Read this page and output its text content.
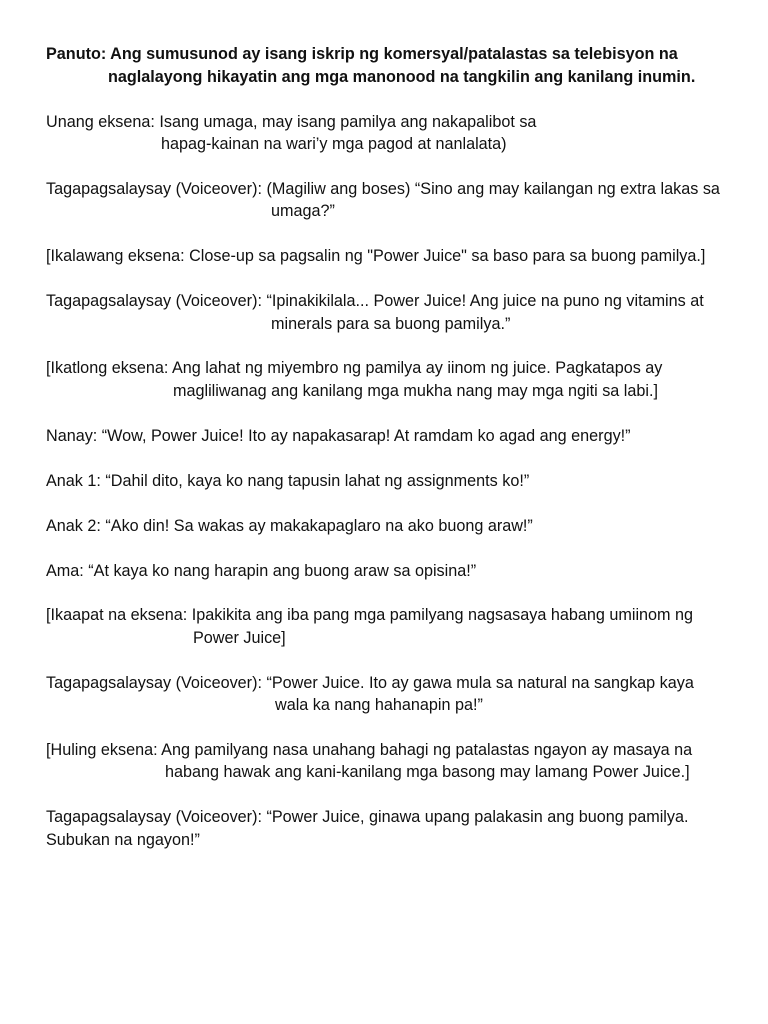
Panuto: Ang sumusunod ay isang iskrip ng komersyal/patalastas sa telebisyon na

naglalayong hikayatin ang mga manonood na tangkilin ang kanilang inumin.

Unang eksena: Isang umaga, may isang pamilya ang nakapalibot sa

hapag-kainan na wari’y mga pagod at nanlalata)

Tagapagsalaysay (Voiceover): (Magiliw ang boses) “Sino ang may kailangan ng extra lakas sa

umaga?”

[Ikalawang eksena: Close-up sa pagsalin ng "Power Juice" sa baso para sa buong pamilya.]

Tagapagsalaysay (Voiceover): “Ipinakikilala... Power Juice! Ang juice na puno ng vitamins at

minerals para sa buong pamilya.”

[Ikatlong eksena: Ang lahat ng miyembro ng pamilya ay iinom ng juice. Pagkatapos ay

magliliwanag ang kanilang mga mukha nang may mga ngiti sa labi.]

Nanay: “Wow, Power Juice! Ito ay napakasarap! At ramdam ko agad ang energy!”

Anak 1: “Dahil dito, kaya ko nang tapusin lahat ng assignments ko!”

Anak 2: “Ako din! Sa wakas ay makakapaglaro na ako buong araw!”

Ama: “At kaya ko nang harapin ang buong araw sa opisina!”

[Ikaapat na eksena: Ipakikita ang iba pang mga pamilyang nagsasaya habang umiinom ng

Power Juice]

Tagapagsalaysay (Voiceover): “Power Juice. Ito ay gawa mula sa natural na sangkap kaya

wala ka nang hahanapin pa!”

[Huling eksena: Ang pamilyang nasa unahang bahagi ng patalastas ngayon ay masaya na

habang hawak ang kani-kanilang mga basong may lamang Power Juice.]

Tagapagsalaysay (Voiceover): “Power Juice, ginawa upang palakasin ang buong pamilya.

Subukan na ngayon!”
